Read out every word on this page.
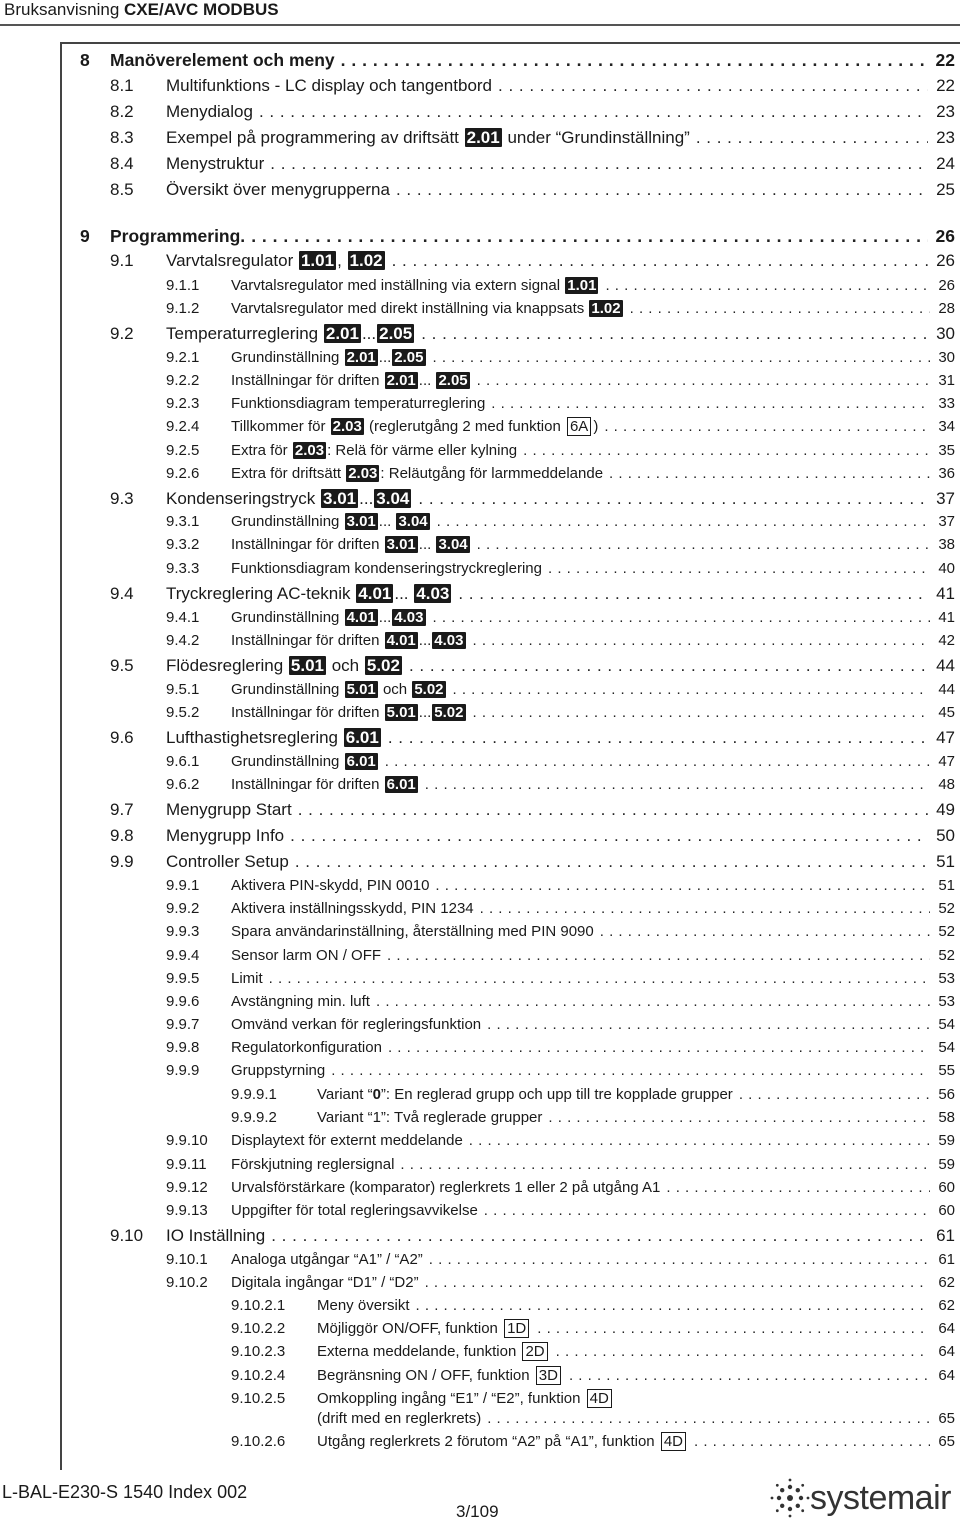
Bruksanvisning CXE/AVC MODBUS
8	Manöverelement och meny . . .	22
8.1	Multifunktions - LC display och tangentbord . . .	22
8.2	Menydialog . . .	23
8.3	Exempel på programmering av driftsätt 2.01 under “Grundinställning” . . .	23
8.4	Menystruktur . . .	24
8.5	Översikt över menygrupperna . . .	25
9	Programmering. . . .	26
9.1	Varvtalsregulator 1.01 , 1.02 . . .	26
9.1.1	Varvtalsregulator med inställning via extern signal 1.01 . . .	26
9.1.2	Varvtalsregulator med direkt inställning via knappsats 1.02 . . .	28
9.2	Temperaturreglering 2.01 ... 2.05 . . .	30
9.2.1	Grundinställning 2.01 ... 2.05 . . .	30
9.2.2	Inställningar för driften 2.01 ... 2.05 . . .	31
9.2.3	Funktionsdiagram temperaturreglering . . .	33
9.2.4	Tillkommer för 2.03 (reglerutgång 2 med funktion 6A ) . . .	34
9.2.5	Extra för 2.03 : Relä för värme eller kylning . . .	35
9.2.6	Extra för driftsätt 2.03 : Reläutgång för larmmeddelande . . .	36
9.3	Kondenseringstryck 3.01 ... 3.04 . . .	37
9.3.1	Grundinställning 3.01 ... 3.04 . . .	37
9.3.2	Inställningar för driften 3.01 ... 3.04 . . .	38
9.3.3	Funktionsdiagram kondenseringstryckreglering . . .	40
9.4	Tryckreglering AC-teknik 4.01 ... 4.03 . . .	41
9.4.1	Grundinställning 4.01 ... 4.03 . . .	41
9.4.2	Inställningar för driften 4.01 ... 4.03 . . .	42
9.5	Flödesreglering 5.01 och 5.02 . . .	44
9.5.1	Grundinställning 5.01 och 5.02 . . .	44
9.5.2	Inställningar för driften 5.01 ... 5.02 . . .	45
9.6	Lufthastighetsreglering 6.01 . . .	47
9.6.1	Grundinställning 6.01 . . .	47
9.6.2	Inställningar för driften 6.01 . . .	48
9.7	Menygrupp Start . . .	49
9.8	Menygrupp Info . . .	50
9.9	Controller Setup . . .	51
9.9.1	Aktivera PIN-skydd, PIN 0010 . . .	51
9.9.2	Aktivera inställningsskydd, PIN 1234 . . .	52
9.9.3	Spara användarinställning, återställning med PIN 9090 . . .	52
9.9.4	Sensor larm ON / OFF . . .	52
9.9.5	Limit . . .	53
9.9.6	Avstängning min. luft . . .	53
9.9.7	Omvänd verkan för regleringsfunktion . . .	54
9.9.8	Regulatorkonfiguration . . .	54
9.9.9	Gruppstyrning . . .	55
9.9.9.1	Variant “0”: En reglerad grupp och upp till tre kopplade grupper . . .	56
9.9.9.2	Variant “1”: Två reglerade grupper . . .	58
9.9.10	Displaytext för externt meddelande . . .	59
9.9.11	Förskjutning reglersignal . . .	59
9.9.12	Urvalsförstärkare (komparator) reglerkrets 1 eller 2 på utgång A1 . . .	60
9.9.13	Uppgifter för total regleringsavvikelse . . .	60
9.10	IO Inställning . . .	61
9.10.1	Analoga utgångar “A1” / “A2” . . .	61
9.10.2	Digitala ingångar “D1” / “D2” . . .	62
9.10.2.1	Meny översikt . . .	62
9.10.2.2	Möjliggör ON/OFF, funktion 1D . . .	64
9.10.2.3	Externa meddelande, funktion 2D . . .	64
9.10.2.4	Begränsning ON / OFF, funktion 3D . . .	64
9.10.2.5	Omkoppling ingång “E1” / “E2”, funktion 4D
(drift med en reglerkrets) . . .	65
9.10.2.6	Utgång reglerkrets 2 förutom “A2” på “A1”, funktion 4D . . .	65
L-BAL-E230-S 1540 Index 002
3/109	systemair
